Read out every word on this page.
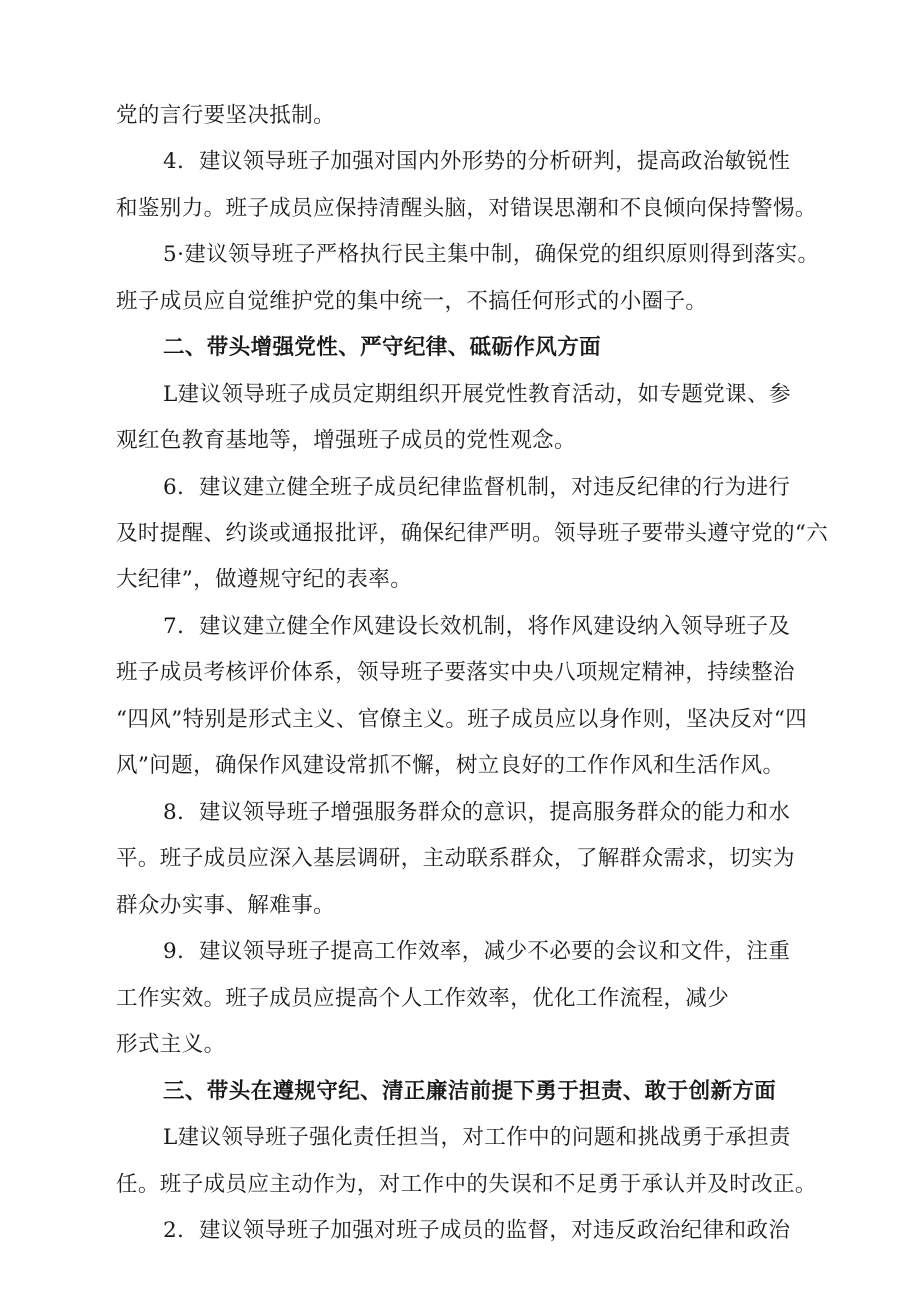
党的言行要坚决抵制。
4．建议领导班子加强对国内外形势的分析研判，提高政治敏锐性
和鉴别力。班子成员应保持清醒头脑，对错误思潮和不良倾向保持警惕。
5·建议领导班子严格执行民主集中制，确保党的组织原则得到落实。
班子成员应自觉维护党的集中统一，不搞任何形式的小圈子。
二、带头增强党性、严守纪律、砥砺作风方面
L建议领导班子成员定期组织开展党性教育活动，如专题党课、参
观红色教育基地等，增强班子成员的党性观念。
6．建议建立健全班子成员纪律监督机制，对违反纪律的行为进行
及时提醒、约谈或通报批评，确保纪律严明。领导班子要带头遵守党的“六
大纪律”，做遵规守纪的表率。
7．建议建立健全作风建设长效机制，将作风建设纳入领导班子及
班子成员考核评价体系，领导班子要落实中央八项规定精神，持续整治
“四风”特别是形式主义、官僚主义。班子成员应以身作则，坚决反对“四
风”问题，确保作风建设常抓不懈，树立良好的工作作风和生活作风。
8．建议领导班子增强服务群众的意识，提高服务群众的能力和水
平。班子成员应深入基层调研，主动联系群众，了解群众需求，切实为
群众办实事、解难事。
9．建议领导班子提高工作效率，减少不必要的会议和文件，注重
工作实效。班子成员应提高个人工作效率，优化工作流程，减少
形式主义。
三、带头在遵规守纪、清正廉洁前提下勇于担责、敢于创新方面
L建议领导班子强化责任担当，对工作中的问题和挑战勇于承担责
任。班子成员应主动作为，对工作中的失误和不足勇于承认并及时改正。
2．建议领导班子加强对班子成员的监督，对违反政治纪律和政治
